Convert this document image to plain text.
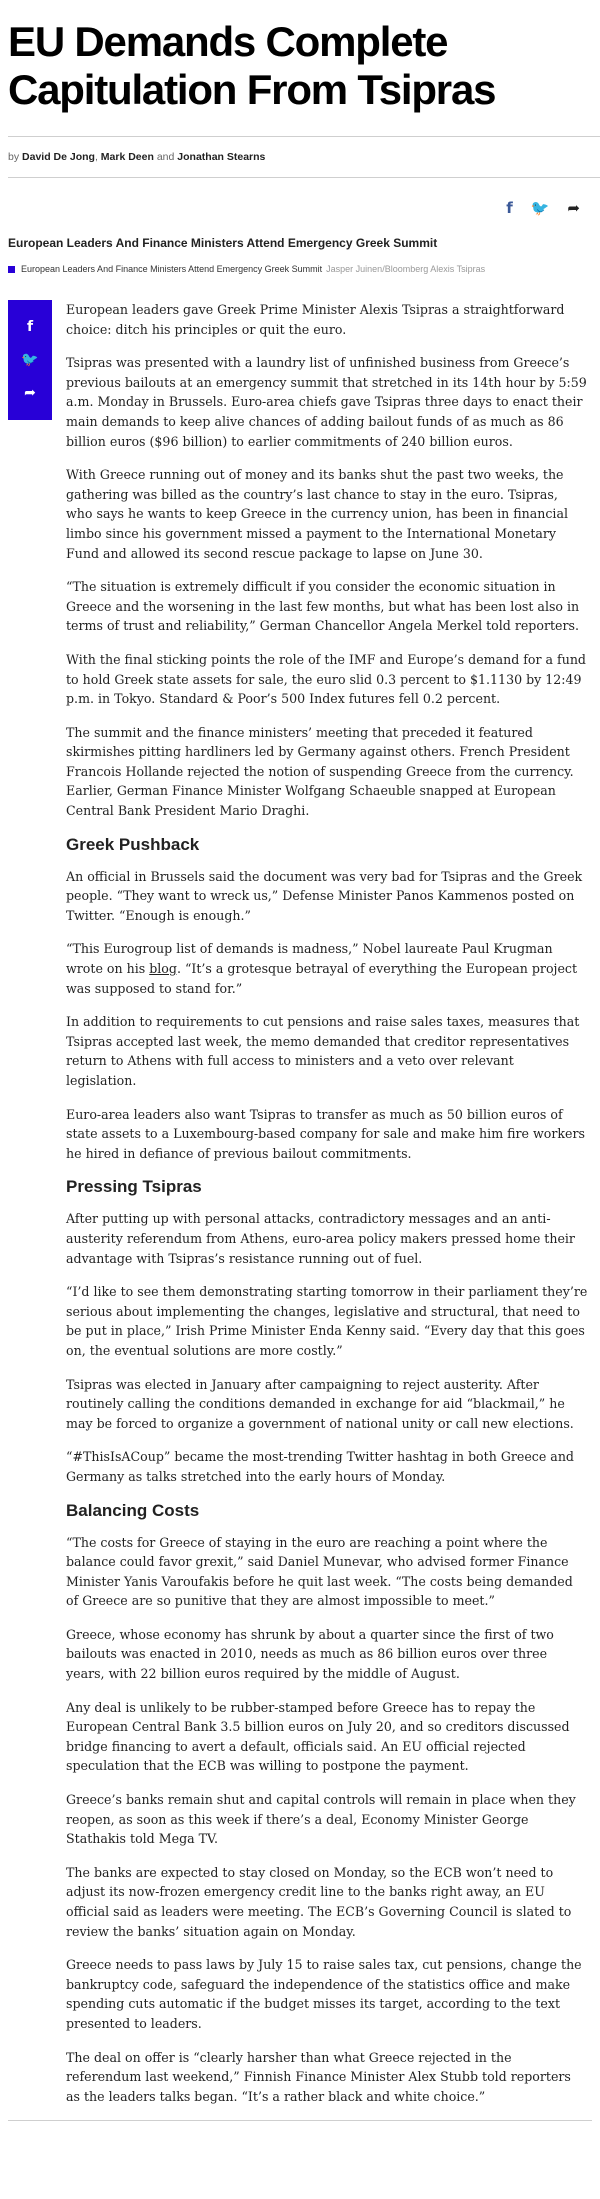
EU Demands Complete Capitulation From Tsipras
by David De Jong, Mark Deen and Jonathan Stearns
f 🐦 ➦
European Leaders And Finance Ministers Attend Emergency Greek Summit
European Leaders And Finance Ministers Attend Emergency Greek Summit Jasper Juinen/Bloomberg Alexis Tsipras
f
🐦
➦

European leaders gave Greek Prime Minister Alexis Tsipras a straightforward choice: ditch his principles or quit the euro.

Tsipras was presented with a laundry list of unfinished business from Greece’s previous bailouts at an emergency summit that stretched in its 14th hour by 5:59 a.m. Monday in Brussels. Euro-area chiefs gave Tsipras three days to enact their main demands to keep alive chances of adding bailout funds of as much as 86 billion euros ($96 billion) to earlier commitments of 240 billion euros.

With Greece running out of money and its banks shut the past two weeks, the gathering was billed as the country’s last chance to stay in the euro. Tsipras, who says he wants to keep Greece in the currency union, has been in financial limbo since his government missed a payment to the International Monetary Fund and allowed its second rescue package to lapse on June 30.

“The situation is extremely difficult if you consider the economic situation in Greece and the worsening in the last few months, but what has been lost also in terms of trust and reliability,” German Chancellor Angela Merkel told reporters.

With the final sticking points the role of the IMF and Europe’s demand for a fund to hold Greek state assets for sale, the euro slid 0.3 percent to $1.1130 by 12:49 p.m. in Tokyo. Standard & Poor’s 500 Index futures fell 0.2 percent.

The summit and the finance ministers’ meeting that preceded it featured skirmishes pitting hardliners led by Germany against others. French President Francois Hollande rejected the notion of suspending Greece from the currency. Earlier, German Finance Minister Wolfgang Schaeuble snapped at European Central Bank President Mario Draghi.

Greek Pushback

An official in Brussels said the document was very bad for Tsipras and the Greek people. “They want to wreck us,” Defense Minister Panos Kammenos posted on Twitter. “Enough is enough.”

“This Eurogroup list of demands is madness,” Nobel laureate Paul Krugman wrote on his blog. “It’s a grotesque betrayal of everything the European project was supposed to stand for.”

In addition to requirements to cut pensions and raise sales taxes, measures that Tsipras accepted last week, the memo demanded that creditor representatives return to Athens with full access to ministers and a veto over relevant legislation.

Euro-area leaders also want Tsipras to transfer as much as 50 billion euros of state assets to a Luxembourg-based company for sale and make him fire workers he hired in defiance of previous bailout commitments.

Pressing Tsipras

After putting up with personal attacks, contradictory messages and an anti-austerity referendum from Athens, euro-area policy makers pressed home their advantage with Tsipras’s resistance running out of fuel.

“I’d like to see them demonstrating starting tomorrow in their parliament they’re serious about implementing the changes, legislative and structural, that need to be put in place,” Irish Prime Minister Enda Kenny said. “Every day that this goes on, the eventual solutions are more costly.”

Tsipras was elected in January after campaigning to reject austerity. After routinely calling the conditions demanded in exchange for aid “blackmail,” he may be forced to organize a government of national unity or call new elections.

“#ThisIsACoup” became the most-trending Twitter hashtag in both Greece and Germany as talks stretched into the early hours of Monday.

Balancing Costs

“The costs for Greece of staying in the euro are reaching a point where the balance could favor grexit,” said Daniel Munevar, who advised former Finance Minister Yanis Varoufakis before he quit last week. “The costs being demanded of Greece are so punitive that they are almost impossible to meet.”

Greece, whose economy has shrunk by about a quarter since the first of two bailouts was enacted in 2010, needs as much as 86 billion euros over three years, with 22 billion euros required by the middle of August.

Any deal is unlikely to be rubber-stamped before Greece has to repay the European Central Bank 3.5 billion euros on July 20, and so creditors discussed bridge financing to avert a default, officials said. An EU official rejected speculation that the ECB was willing to postpone the payment.

Greece’s banks remain shut and capital controls will remain in place when they reopen, as soon as this week if there’s a deal, Economy Minister George Stathakis told Mega TV.

The banks are expected to stay closed on Monday, so the ECB won’t need to adjust its now-frozen emergency credit line to the banks right away, an EU official said as leaders were meeting. The ECB’s Governing Council is slated to review the banks’ situation again on Monday.

Greece needs to pass laws by July 15 to raise sales tax, cut pensions, change the bankruptcy code, safeguard the independence of the statistics office and make spending cuts automatic if the budget misses its target, according to the text presented to leaders.

The deal on offer is “clearly harsher than what Greece rejected in the referendum last weekend,” Finnish Finance Minister Alex Stubb told reporters as the leaders talks began. “It’s a rather black and white choice.”
